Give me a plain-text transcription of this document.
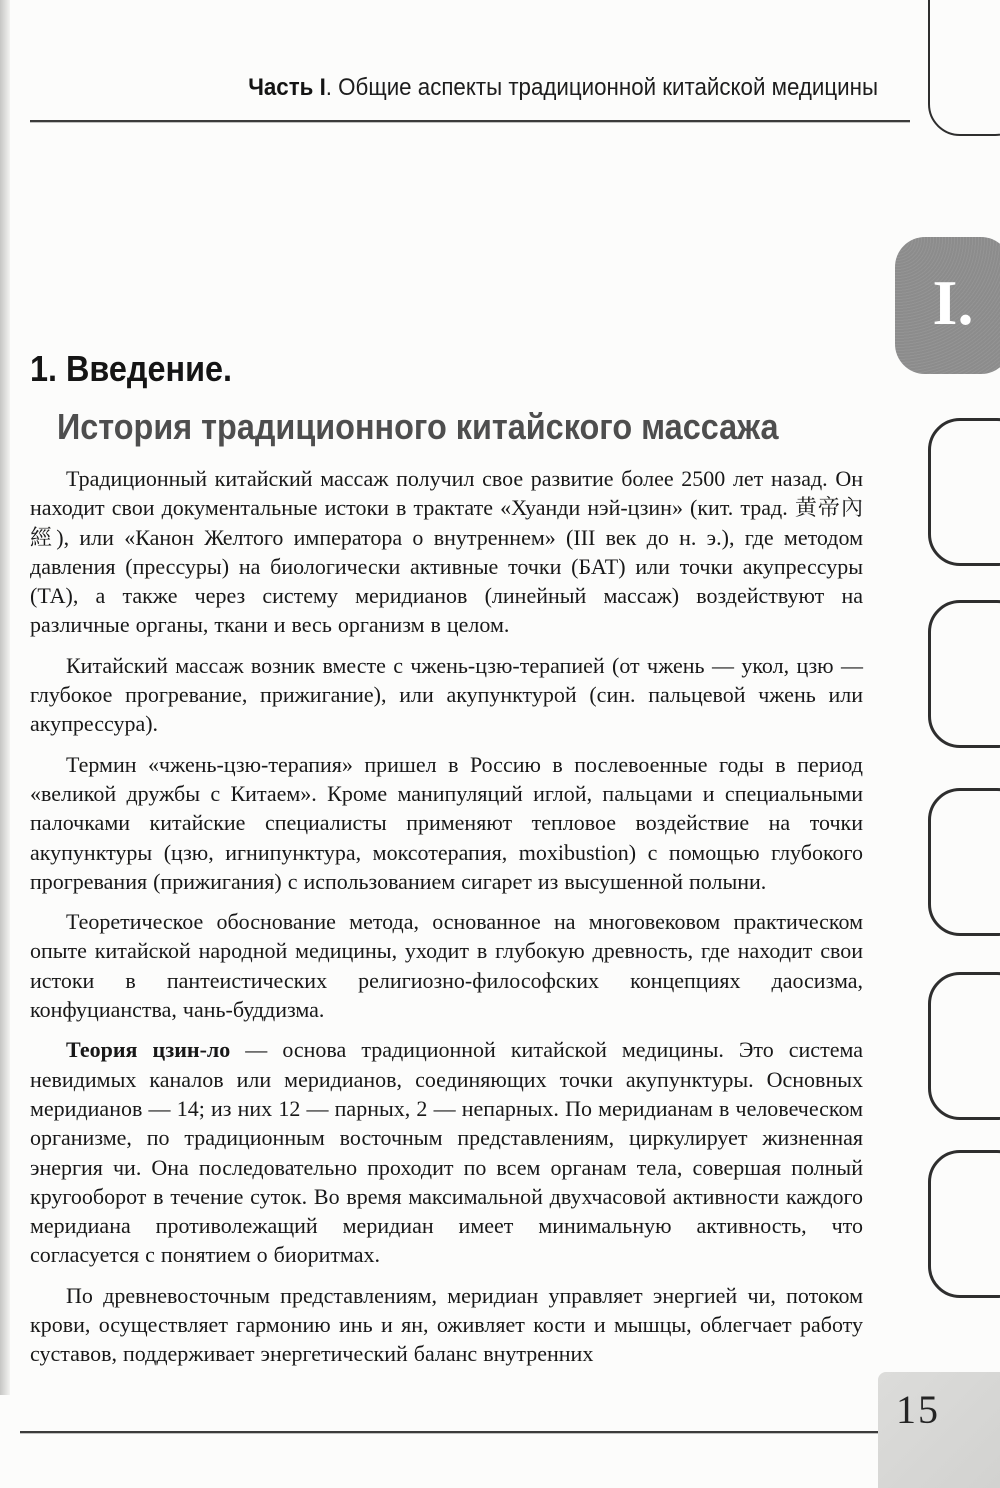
Часть I. Общие аспекты традиционной китайской медицины
I.
1. Введение.
История традиционного китайского массажа

Традиционный китайский массаж получил свое развитие более 2500 лет назад. Он находит свои документальные истоки в трактате «Хуанди нэй-цзин» (кит. трад. 黄帝內經), или «Канон Желтого императора о внутреннем» (III век до н. э.), где методом давления (прессуры) на биологически активные точки (БАТ) или точки акупрессуры (ТА), а также через систему меридианов (линейный массаж) воздействуют на различные органы, ткани и весь организм в целом.

Китайский массаж возник вместе с чжень-цзю-терапией (от чжень — укол, цзю — глубокое прогревание, прижигание), или акупунктурой (син. пальцевой чжень или акупрессура).

Термин «чжень-цзю-терапия» пришел в Россию в послевоенные годы в период «великой дружбы с Китаем». Кроме манипуляций иглой, пальцами и специальными палочками китайские специалисты применяют тепловое воздействие на точки акупунктуры (цзю, игнипунктура, моксотерапия, moxibustion) с помощью глубокого прогревания (прижигания) с использованием сигарет из высушенной полыни.

Теоретическое обоснование метода, основанное на многовековом практическом опыте китайской народной медицины, уходит в глубокую древность, где находит свои истоки в пантеистических религиозно-философских концепциях даосизма, конфуцианства, чань-буддизма.

Теория цзин-ло — основа традиционной китайской медицины. Это система невидимых каналов или меридианов, соединяющих точки акупунктуры. Основных меридианов — 14; из них 12 — парных, 2 — непарных. По меридианам в человеческом организме, по традиционным восточным представлениям, циркулирует жизненная энергия чи. Она последовательно проходит по всем органам тела, совершая полный кругооборот в течение суток. Во время максимальной двухчасовой активности каждого меридиана противолежащий меридиан имеет минимальную активность, что согласуется с понятием о биоритмах.

По древневосточным представлениям, меридиан управляет энергией чи, потоком крови, осуществляет гармонию инь и ян, оживляет кости и мышцы, облегчает работу суставов, поддерживает энергетический баланс внутренних

15
